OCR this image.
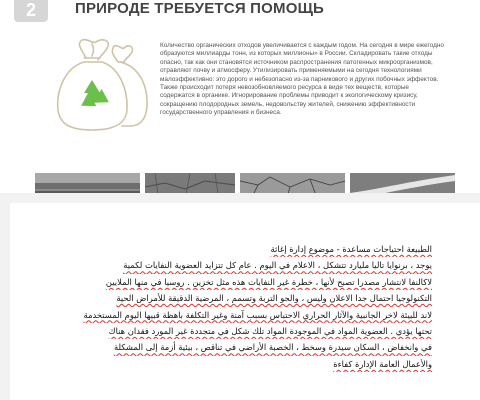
2	ПРИРОДЕ ТРЕБУЕТСЯ ПОМОЩЬ
Количество органических отходов увеличивается с каждым годом. На сегодня в мире ежегодно образуются миллиарды тонн, из которых миллионы» в России. Складировать такие отходы опасно, так как они становятся источником распространения патогенных микроорганизмов, отравляют почву и атмосферу. Утилизировать применяемыми на сегодня технологиями малоэффективно: это дорого и небезопасно из-за парникового и других побочных эффектов. Также происходит потеря невозобновляемого ресурса в виде тех веществ, которые содержатся в органике. Игнорирование проблемы приводит к экологическому кризису, сокращению плодородных земель, недовольству жителей, снижению эффективности государственного управления и бизнеса.
الطبيعة احتياجات مساعدة - موضوع إدارة إغاثة
يوجد ، برنوايا تاليا مليارد تتشكل ، الاعلام في اليوم . عام كل تتزايد العضوية النفايات لكمية
لاكالنفا لانتشار مصدرا تصبح لأنها ، خطرة غير النفايات هذه مثل تخزين . روسيا في منها الملايين
التكنولوجيا احتمال جدا الاعلان وليس ، والجو التربة وتسمم ، المرضية الدقيقة للأمراض الحية
لاند للبيئة لاخر الجانبية والآثار الحراري الاحتباس بسبب آمنة وغير التكلفة باهظة قبيها اليوم المستخدمة
تحتها يؤدي . العضوية المواد في الموجودة المواد تلك شكل في متجددة غير المورد فقدان هناك
في وانخفاض ، السكان سيدرة وسخط ، الخصبة الأراضي في تناقص ، بيئية أزمة إلى المشكلة
والأعمال العامة الإدارة كفاءة
